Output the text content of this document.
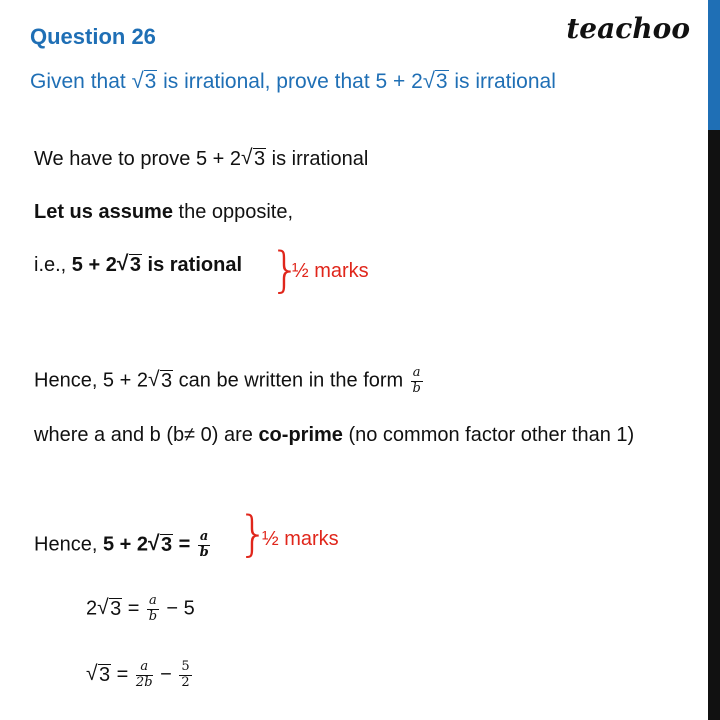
Question 26	teachoo
Given that √ 3 is irrational, prove that 5 + 2 √ 3 is irrational
We have to prove 5 + 2 √ 3 is irrational
Let us assume the opposite,
i.e., 5 + 2 √ 3 is rational }
½ marks
Hence, 5 + 2 √ 3 can be written in the form $\frac{a}{b}$
where a and b (b≠ 0) are co-prime (no common factor other than 1)
Hence, 5 + 2 √ $3 = \frac{a}{b}$ }
½ marks
2 √ $3 = \frac{a}{b} - 5$
√ $3 = \frac{a}{2b} - \frac{5}{2}$
